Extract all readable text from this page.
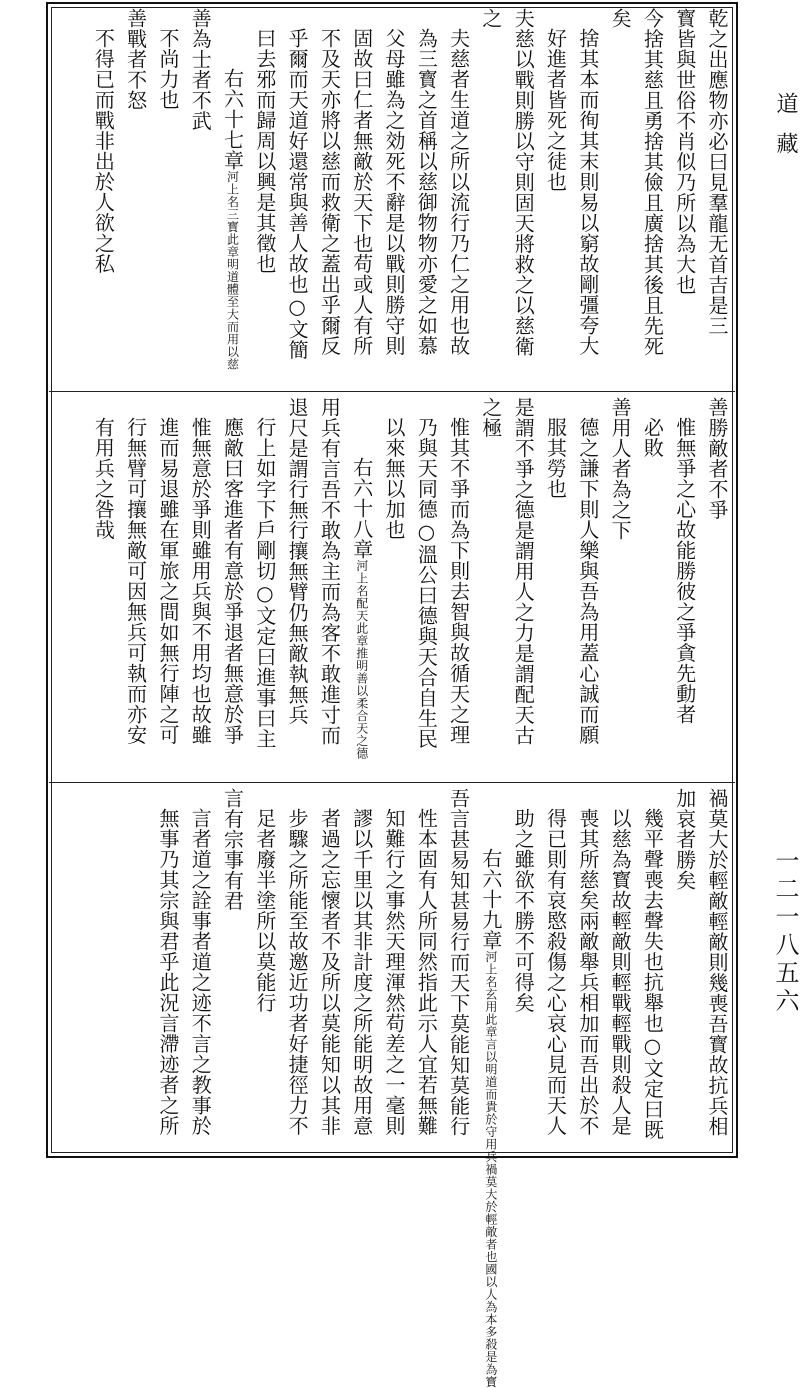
道藏
一二一八五六
乾之出應物亦必曰見羣龍无首吉是三
寳皆與世俗不肖似乃所以為大也
今捨其慈且勇捨其儉且廣捨其後且先死
矣
捨其本而徇其末則易以窮故剛彊夸大
好進者皆死之徒也
夫慈以戰則勝以守則固天將救之以慈衛
之
夫慈者生道之所以流行乃仁之用也故
為三寳之首稱以慈御物物亦愛之如慕
父母雖為之効死不辭是以戰則勝守則
固故曰仁者無敵於天下也苟或人有所
不及天亦將以慈而救衛之蓋出乎爾反
乎爾而天道好還常與善人故也○文簡
曰去邪而歸周以興是其徵也
右六十七章河上名三寳此章明道體至大而用以慈
善為士者不武
不尚力也
善戰者不怒
不得已而戰非出於人欲之私
善勝敵者不爭
惟無爭之心故能勝彼之爭貪先動者
必敗
善用人者為之下
德之謙下則人樂與吾為用蓋心誠而願
服其勞也
是謂不爭之德是謂用人之力是謂配天古
之極
惟其不爭而為下則去智與故循天之理
乃與天同德○溫公曰德與天合自生民
以來無以加也
右六十八章河上名配天此章推明善以柔合天之德
用兵有言吾不敢為主而為客不敢進寸而
退尺是謂行無行攘無臂仍無敵執無兵
行上如字下戶剛切○文定曰進事曰主
應敵曰客進者有意於爭退者無意於爭
惟無意於爭則雖用兵與不用均也故雖
進而易退雖在軍旅之間如無行陣之可
行無臂可攘無敵可因無兵可執而亦安
有用兵之咎哉
禍莫大於輕敵輕敵則幾喪吾寳故抗兵相
加哀者勝矣
幾平聲喪去聲失也抗舉也○文定曰既
以慈為寳故輕敵則輕戰輕戰則殺人是
喪其所慈矣兩敵舉兵相加而吾出於不
得已則有哀愍殺傷之心哀心見而天人
助之雖欲不勝不可得矣
右六十九章河上名玄用此章言以明道而貴於守用兵禍莫大於輕敵者也國以人為本多殺是為寳
吾言甚易知甚易行而天下莫能知莫能行
性本固有人所同然指此示人宜若無難
知難行之事然天理渾然苟差之一毫則
謬以千里以其非計度之所能明故用意
者過之忘懷者不及所以莫能知以其非
步驟之所能至故邀近功者好捷徑力不
足者廢半塗所以莫能行
言有宗事有君
言者道之詮事者道之迹不言之教事於
無事乃其宗與君乎此況言滯迹者之所
